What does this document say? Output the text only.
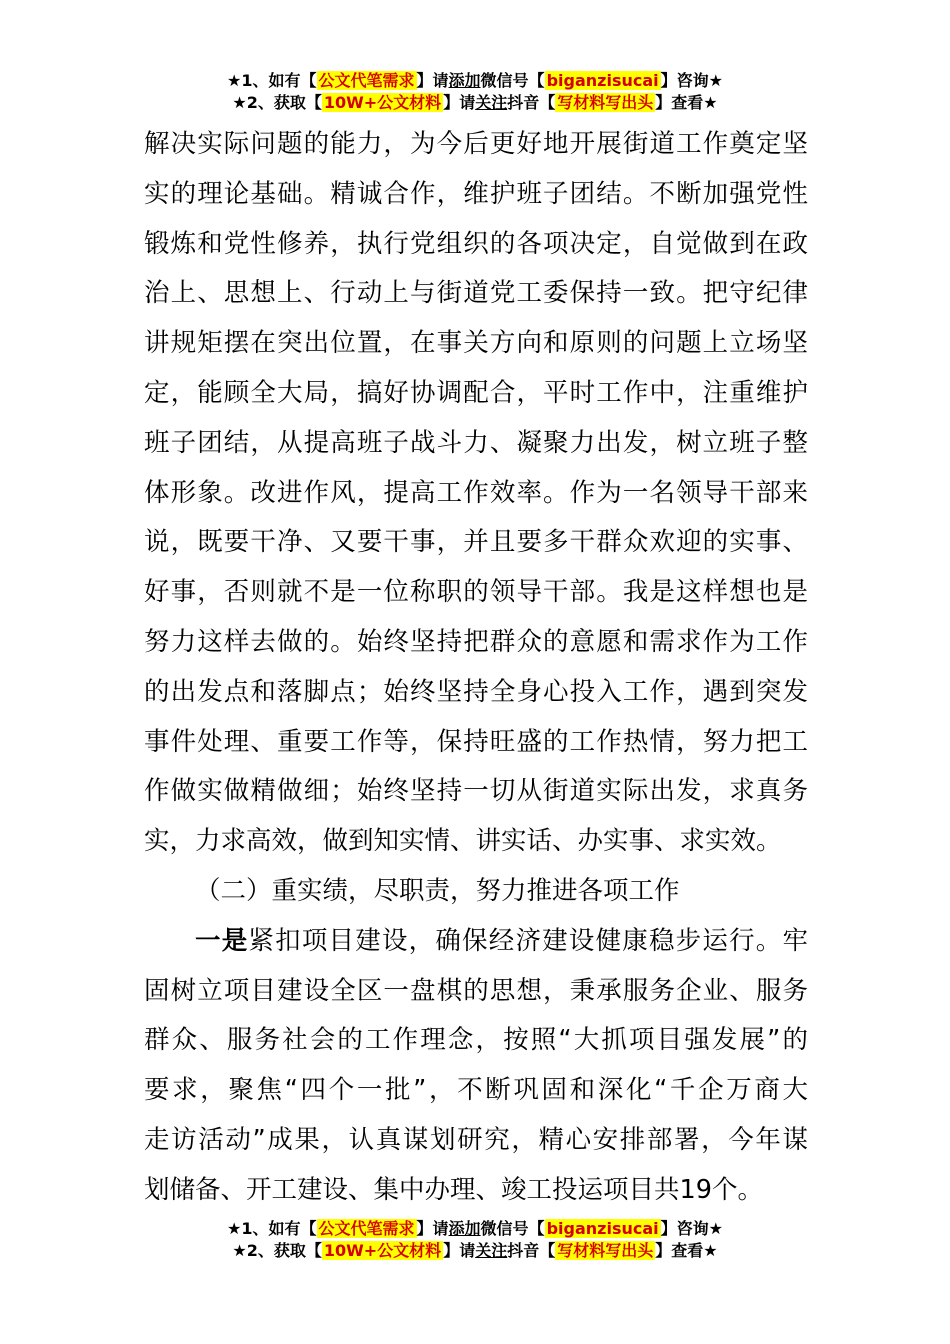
★1、如有【 公文代笔需求 】请添加微信号【 biganzisucai 】咨询★
★2、获取【 10W+公文材料 】请关注抖音【 写材料写出头 】查看★
解决实际问题的能力，为今后更好地开展街道工作奠定坚
实的理论基础。精诚合作，维护班子团结。不断加强党性
锻炼和党性修养，执行党组织的各项决定，自觉做到在政
治上、思想上、行动上与街道党工委保持一致。把守纪律
讲规矩摆在突出位置，在事关方向和原则的问题上立场坚
定，能顾全大局，搞好协调配合，平时工作中，注重维护
班子团结，从提高班子战斗力、凝聚力出发，树立班子整
体形象。改进作风，提高工作效率。作为一名领导干部来
说，既要干净、又要干事，并且要多干群众欢迎的实事、
好事，否则就不是一位称职的领导干部。我是这样想也是
努力这样去做的。始终坚持把群众的意愿和需求作为工作
的出发点和落脚点；始终坚持全身心投入工作，遇到突发
事件处理、重要工作等，保持旺盛的工作热情，努力把工
作做实做精做细；始终坚持一切从街道实际出发，求真务
实，力求高效，做到知实情、讲实话、办实事、求实效。
（二）重实绩，尽职责，努力推进各项工作
一是紧扣项目建设，确保经济建设健康稳步运行。牢
固树立项目建设全区一盘棋的思想，秉承服务企业、服务
群众、服务社会的工作理念，按照“大抓项目强发展”的
要求，聚焦“四个一批”，不断巩固和深化“千企万商大
走访活动”成果，认真谋划研究，精心安排部署，今年谋
划储备、开工建设、集中办理、竣工投运项目共19个。
★1、如有【 公文代笔需求 】请添加微信号【 biganzisucai 】咨询★
★2、获取【 10W+公文材料 】请关注抖音【 写材料写出头 】查看★
